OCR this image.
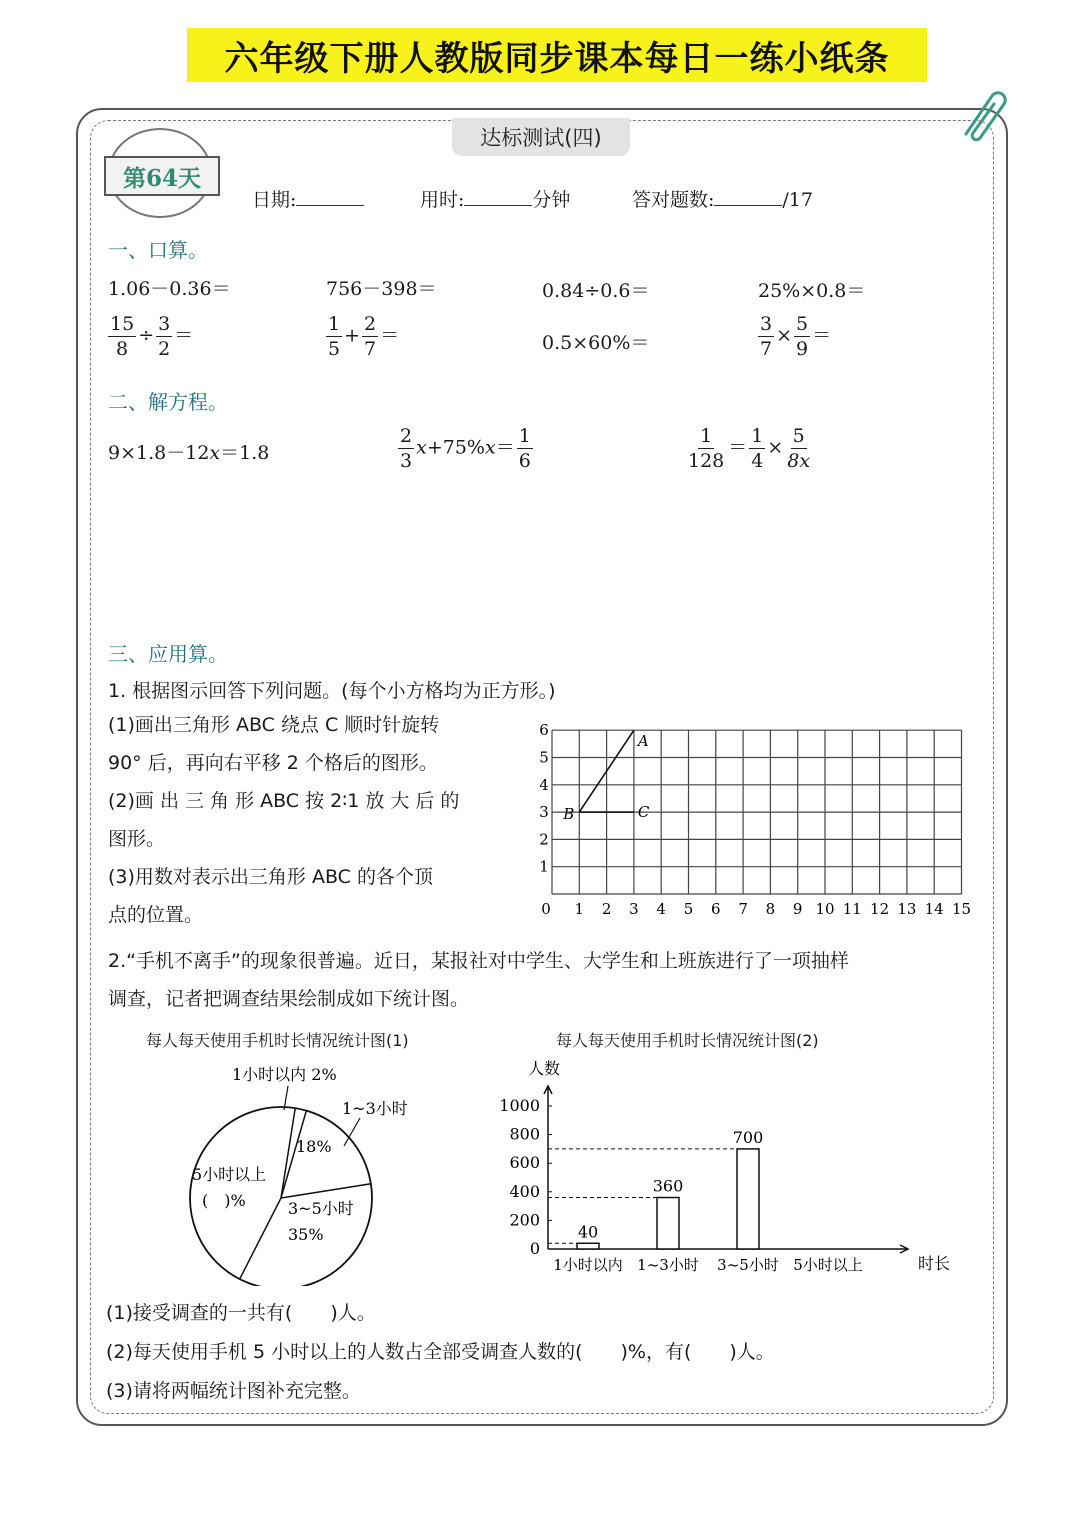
六年级下册人教版同步课本每日一练小纸条
达标测试(四)
第64天
日期:	用时:	分钟	答对题数:	/17
一、口算。
1.06－0.36＝	756－398＝	0.84÷0.6＝	25%×0.8＝
$\frac{15}{8} \div \frac{3}{2}$ ＝	$\frac{1}{5} + \frac{2}{7}$ ＝	0.5×60%＝	$\frac{3}{7} \times \frac{5}{9}$ ＝
二、解方程。
9×1.8－12x＝1.8	$\frac{2}{3} x+75\%x= \frac{1}{6}$	$\frac{1}{128} = \frac{1}{4} \times \frac{5}{8x}$
三、应用算。
1. 根据图示回答下列问题。(每个小方格均为正方形。)
(1)画出三角形 ABC 绕点 C 顺时针旋转
90° 后，再向右平移 2 个格后的图形。
(2)画 出 三 角 形 ABC 按 2∶1 放 大 后 的
图形。
(3)用数对表示出三角形 ABC 的各个顶
点的位置。	0 1 2 3 4 5 6 7 8 9 10 11 12 13 14 15
1
2
3
4
5
6
A
B	C
2.“手机不离手”的现象很普遍。近日，某报社对中学生、大学生和上班族进行了一项抽样
调查，记者把调查结果绘制成如下统计图。
每人每天使用手机时长情况统计图(1)	每人每天使用手机时长情况统计图(2)
1小时以内 2%
1~3小时
18%
3~5小时
35%
5小时以上
(　)%
人数
时长
0
200
400
600
800
1000
1小时以内
40
1~3小时
360
3~5小时
700
5小时以上
(1)接受调查的一共有(　　)人。
(2)每天使用手机 5 小时以上的人数占全部受调查人数的(　　)%，有(　　)人。
(3)请将两幅统计图补充完整。
